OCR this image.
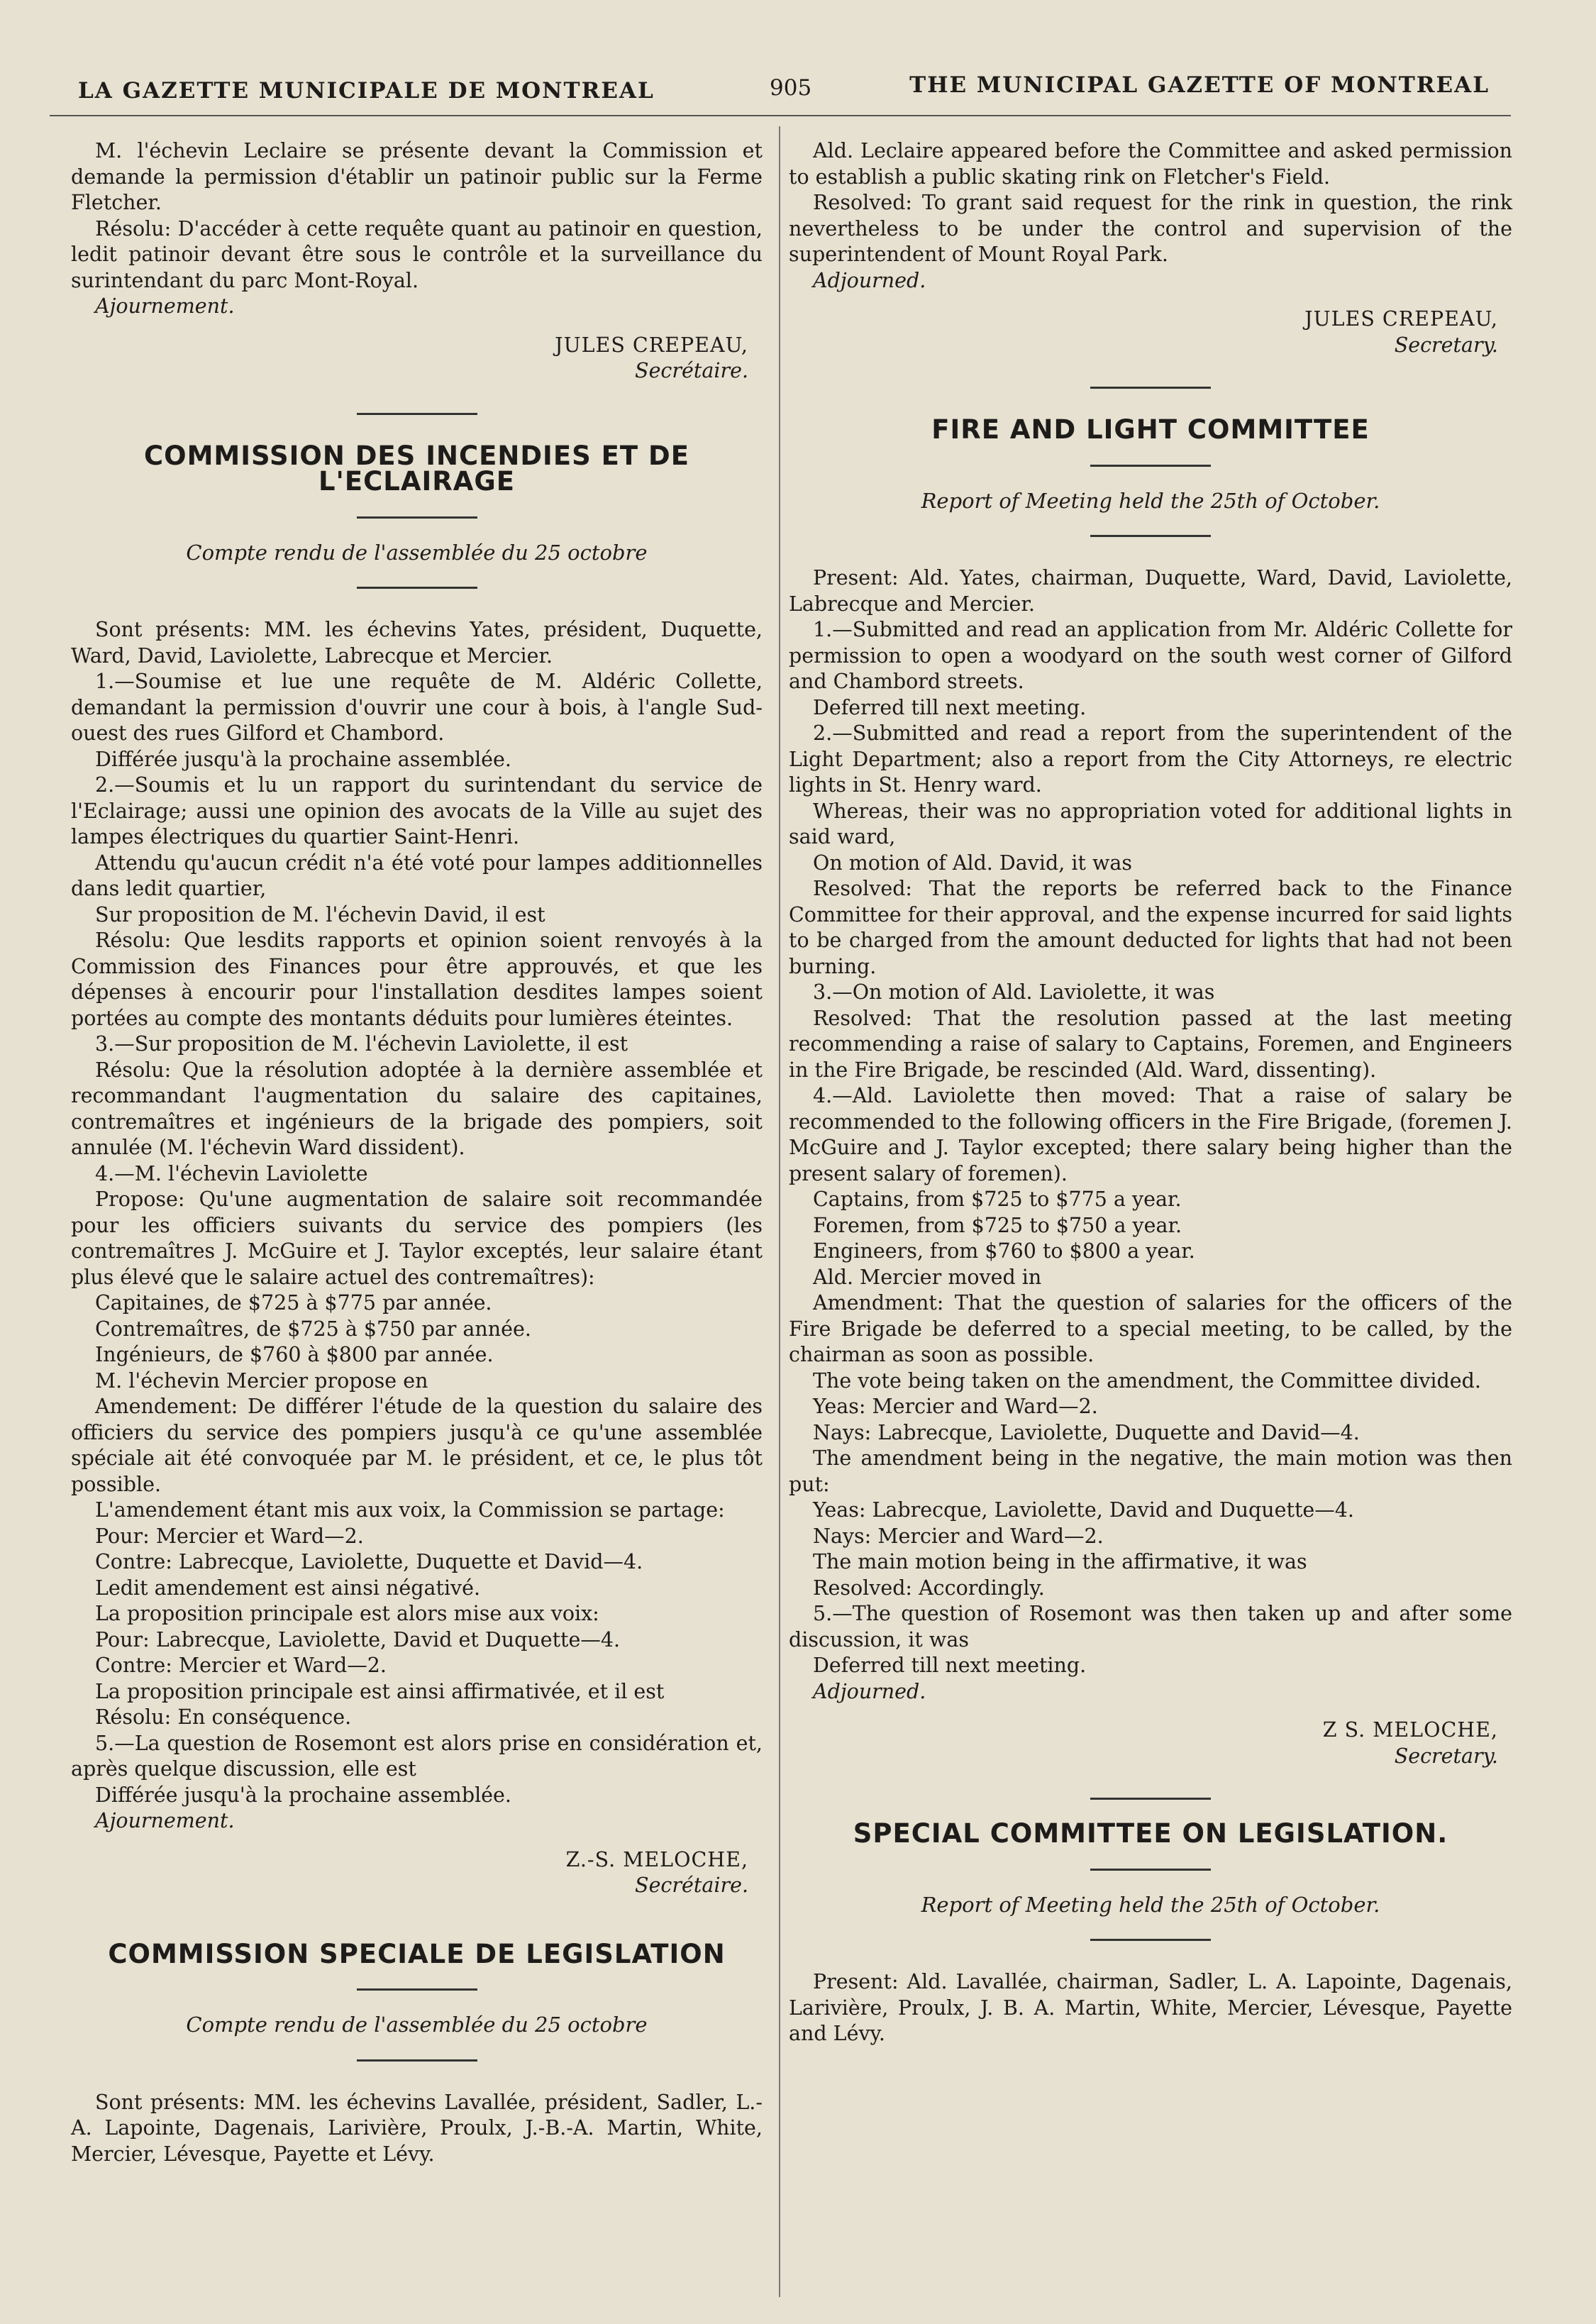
LA GAZETTE MUNICIPALE DE MONTREAL	905	THE MUNICIPAL GAZETTE OF MONTREAL

M. l'échevin Leclaire se présente devant la Commission et demande la permission d'établir un patinoir public sur la Ferme Fletcher.

Résolu: D'accéder à cette requête quant au patinoir en question, ledit patinoir devant être sous le contrôle et la surveillance du surintendant du parc Mont-Royal.

Ajournement.

JULES CREPEAU,

Secrétaire.

COMMISSION DES INCENDIES ET DE L'ECLAIRAGE

Compte rendu de l'assemblée du 25 octobre

Sont présents: MM. les échevins Yates, président, Duquette, Ward, David, Laviolette, Labrecque et Mercier.

1.—Soumise et lue une requête de M. Aldéric Collette, demandant la permission d'ouvrir une cour à bois, à l'angle Sud-ouest des rues Gilford et Chambord.

Différée jusqu'à la prochaine assemblée.

2.—Soumis et lu un rapport du surintendant du service de l'Eclairage; aussi une opinion des avocats de la Ville au sujet des lampes électriques du quartier Saint-Henri.

Attendu qu'aucun crédit n'a été voté pour lampes additionnelles dans ledit quartier,

Sur proposition de M. l'échevin David, il est

Résolu: Que lesdits rapports et opinion soient renvoyés à la Commission des Finances pour être approuvés, et que les dépenses à encourir pour l'installation desdites lampes soient portées au compte des montants déduits pour lumières éteintes.

3.—Sur proposition de M. l'échevin Laviolette, il est

Résolu: Que la résolution adoptée à la dernière assemblée et recommandant l'augmentation du salaire des capitaines, contremaîtres et ingénieurs de la brigade des pompiers, soit annulée (M. l'échevin Ward dissident).

4.—M. l'échevin Laviolette

Propose: Qu'une augmentation de salaire soit recommandée pour les officiers suivants du service des pompiers (les contremaîtres J. McGuire et J. Taylor exceptés, leur salaire étant plus élevé que le salaire actuel des contremaîtres):

Capitaines, de $725 à $775 par année.

Contremaîtres, de $725 à $750 par année.

Ingénieurs, de $760 à $800 par année.

M. l'échevin Mercier propose en

Amendement: De différer l'étude de la question du salaire des officiers du service des pompiers jusqu'à ce qu'une assemblée spéciale ait été convoquée par M. le président, et ce, le plus tôt possible.

L'amendement étant mis aux voix, la Commission se partage:

Pour: Mercier et Ward—2.

Contre: Labrecque, Laviolette, Duquette et David—4.

Ledit amendement est ainsi négativé.

La proposition principale est alors mise aux voix:

Pour: Labrecque, Laviolette, David et Duquette—4.

Contre: Mercier et Ward—2.

La proposition principale est ainsi affirmativée, et il est

Résolu: En conséquence.

5.—La question de Rosemont est alors prise en considération et, après quelque discussion, elle est

Différée jusqu'à la prochaine assemblée.

Ajournement.

Z.-S. MELOCHE,

Secrétaire.

COMMISSION SPECIALE DE LEGISLATION

Compte rendu de l'assemblée du 25 octobre

Sont présents: MM. les échevins Lavallée, président, Sadler, L.-A. Lapointe, Dagenais, Larivière, Proulx, J.-B.-A. Martin, White, Mercier, Lévesque, Payette et Lévy.

Ald. Leclaire appeared before the Committee and asked permission to establish a public skating rink on Fletcher's Field.

Resolved: To grant said request for the rink in question, the rink nevertheless to be under the control and supervision of the superintendent of Mount Royal Park.

Adjourned.

JULES CREPEAU,

Secretary.

FIRE AND LIGHT COMMITTEE

Report of Meeting held the 25th of October.

Present: Ald. Yates, chairman, Duquette, Ward, David, Laviolette, Labrecque and Mercier.

1.—Submitted and read an application from Mr. Aldéric Collette for permission to open a woodyard on the south west corner of Gilford and Chambord streets.

Deferred till next meeting.

2.—Submitted and read a report from the superintendent of the Light Department; also a report from the City Attorneys, re electric lights in St. Henry ward.

Whereas, their was no appropriation voted for additional lights in said ward,

On motion of Ald. David, it was

Resolved: That the reports be referred back to the Finance Committee for their approval, and the expense incurred for said lights to be charged from the amount deducted for lights that had not been burning.

3.—On motion of Ald. Laviolette, it was

Resolved: That the resolution passed at the last meeting recommending a raise of salary to Captains, Foremen, and Engineers in the Fire Brigade, be rescinded (Ald. Ward, dissenting).

4.—Ald. Laviolette then moved: That a raise of salary be recommended to the following officers in the Fire Brigade, (foremen J. McGuire and J. Taylor excepted; there salary being higher than the present salary of foremen).

Captains, from $725 to $775 a year.

Foremen, from $725 to $750 a year.

Engineers, from $760 to $800 a year.

Ald. Mercier moved in

Amendment: That the question of salaries for the officers of the Fire Brigade be deferred to a special meeting, to be called, by the chairman as soon as possible.

The vote being taken on the amendment, the Committee divided.

Yeas: Mercier and Ward—2.

Nays: Labrecque, Laviolette, Duquette and David—4.

The amendment being in the negative, the main motion was then put:

Yeas: Labrecque, Laviolette, David and Duquette—4.

Nays: Mercier and Ward—2.

The main motion being in the affirmative, it was

Resolved: Accordingly.

5.—The question of Rosemont was then taken up and after some discussion, it was

Deferred till next meeting.

Adjourned.

Z S. MELOCHE,

Secretary.

SPECIAL COMMITTEE ON LEGISLATION.

Report of Meeting held the 25th of October.

Present: Ald. Lavallée, chairman, Sadler, L. A. Lapointe, Dagenais, Larivière, Proulx, J. B. A. Martin, White, Mercier, Lévesque, Payette and Lévy.
